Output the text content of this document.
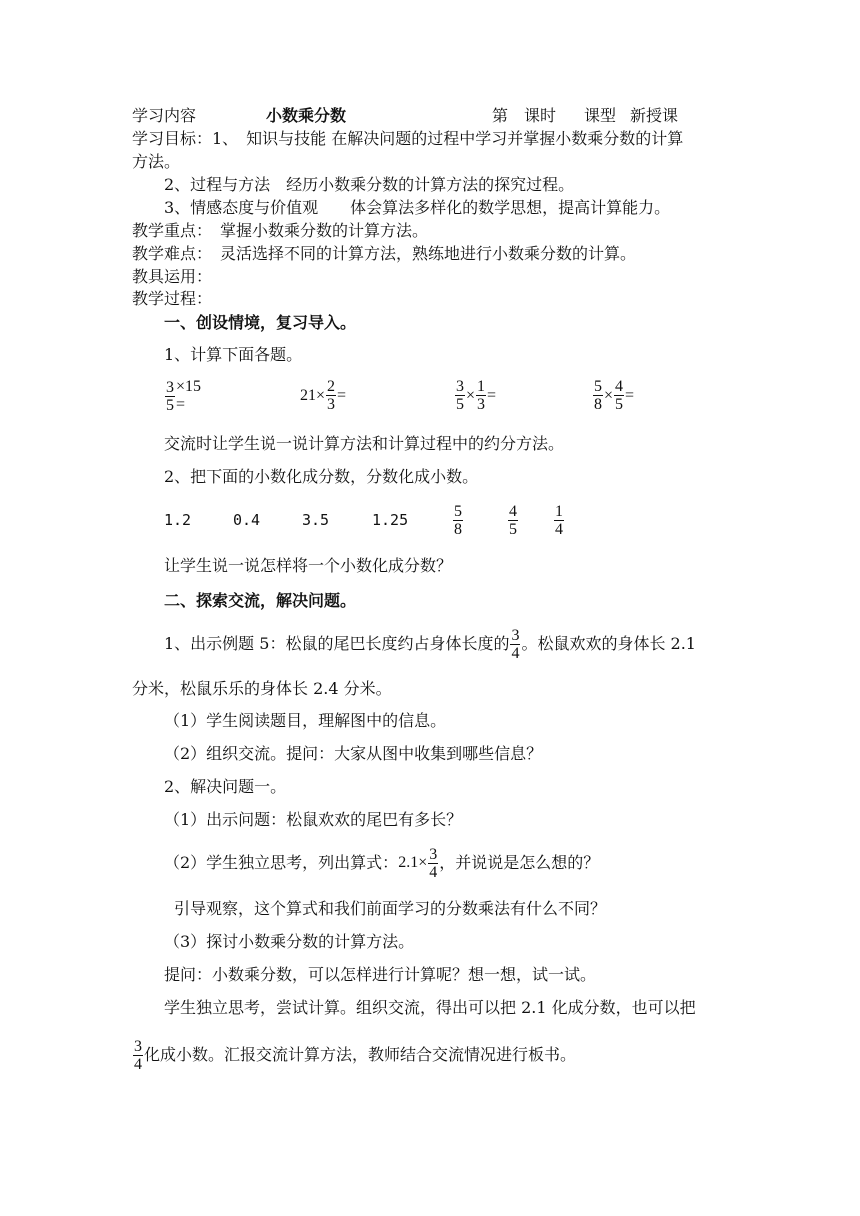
学习内容	小数乘分数	第　课时 课型 新授课
学习目标：1、　知识与技能 在解决问题的过程中学习并掌握小数乘分数的计算
方法。
2、过程与方法　经历小数乘分数的计算方法的探究过程。
3、情感态度与价值观　　体会算法多样化的数学思想，提高计算能力。
教学重点：　掌握小数乘分数的计算方法。
教学难点：　灵活选择不同的计算方法，熟练地进行小数乘分数的计算。
教具运用：
教学过程：
一、创设情境，复习导入。
1、计算下面各题。
$\frac{3}{5} \times 15$ =
$21\times \frac{2}{3}$ =	$\frac{3}{5} \times \frac{1}{3}$ =	$\frac{5}{8} \times \frac{4}{5}$ =
交流时让学生说一说计算方法和计算过程中的约分方法。
2、把下面的小数化成分数，分数化成小数。
1.2	0.4	3.5	1.25	$\frac{5}{8}$	$\frac{4}{5} \frac{1}{4}$
让学生说一说怎样将一个小数化成分数？
二、探索交流，解决问题。
1、出示例题 5：松鼠的尾巴长度约占身体长度的 $\frac{3}{4}$ 。松鼠欢欢的身体长 2.1
分米，松鼠乐乐的身体长 2.4 分米。
（1）学生阅读题目，理解图中的信息。
（2）组织交流。提问：大家从图中收集到哪些信息？
2、解决问题一。
（1）出示问题：松鼠欢欢的尾巴有多长？
（2）学生独立思考，列出算式： $2.1\times \frac{3}{4}$ ，并说说是怎么想的？
引导观察，这个算式和我们前面学习的分数乘法有什么不同？
（3）探讨小数乘分数的计算方法。
提问：小数乘分数，可以怎样进行计算呢？想一想，试一试。
学生独立思考，尝试计算。组织交流，得出可以把 2.1 化成分数，也可以把
$\frac{3}{4}$ 化成小数。汇报交流计算方法，教师结合交流情况进行板书。
